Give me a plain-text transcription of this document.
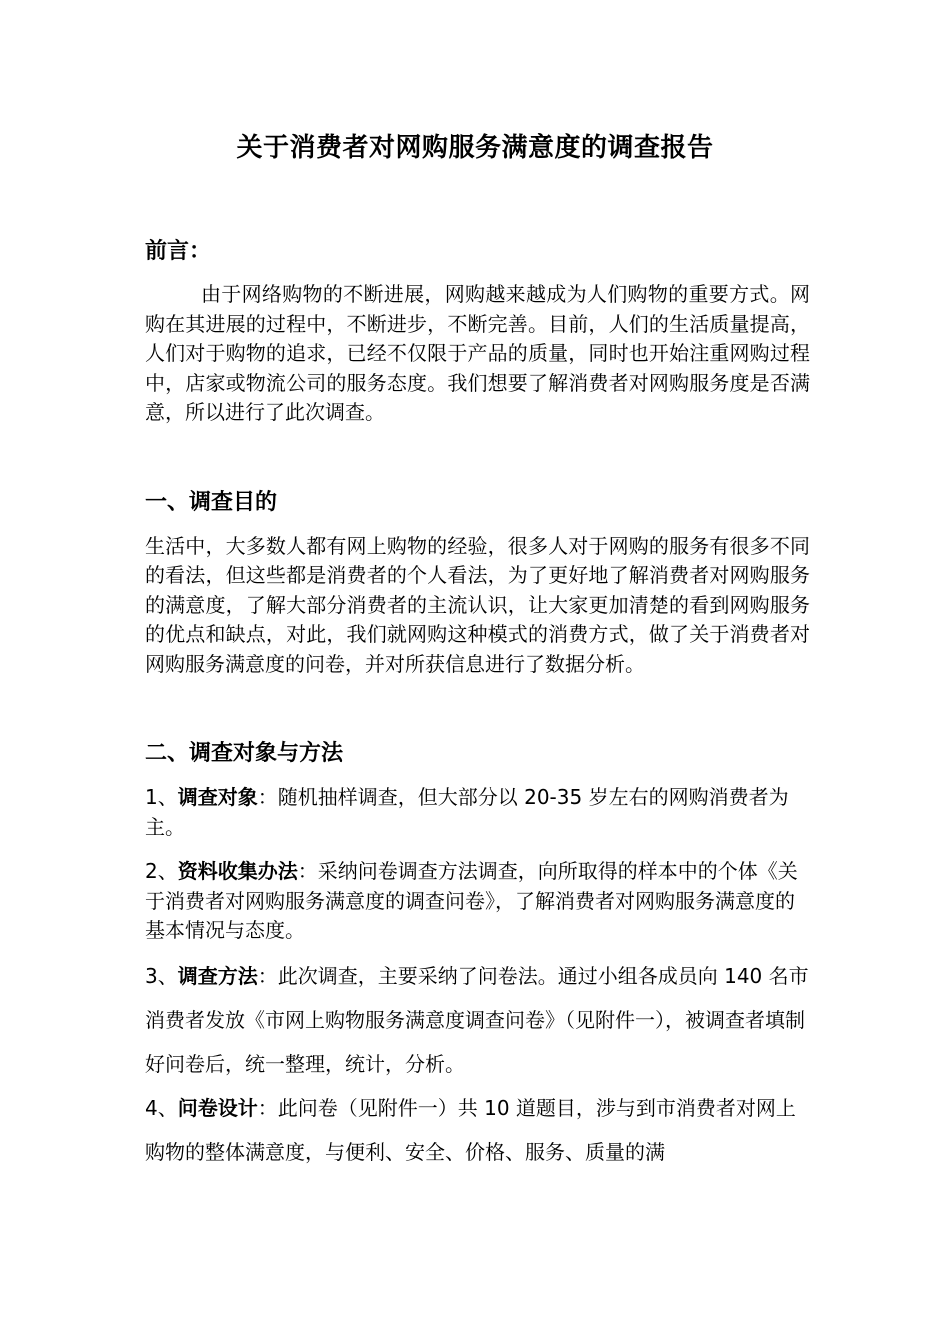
关于消费者对网购服务满意度的调查报告
前言：

由于网络购物的不断进展，网购越来越成为人们购物的重要方式。网购在其进展的过程中，不断进步，不断完善。目前，人们的生活质量提高，人们对于购物的追求，已经不仅限于产品的质量，同时也开始注重网购过程中，店家或物流公司的服务态度。我们想要了解消费者对网购服务度是否满意，所以进行了此次调查。

一、调查目的

生活中，大多数人都有网上购物的经验，很多人对于网购的服务有很多不同的看法，但这些都是消费者的个人看法，为了更好地了解消费者对网购服务的满意度，了解大部分消费者的主流认识，让大家更加清楚的看到网购服务的优点和缺点，对此，我们就网购这种模式的消费方式，做了关于消费者对网购服务满意度的问卷，并对所获信息进行了数据分析。

二、调查对象与方法

1、调查对象：随机抽样调查，但大部分以 20-35 岁左右的网购消费者为主。

2、资料收集办法：采纳问卷调查方法调查，向所取得的样本中的个体《关于消费者对网购服务满意度的调查问卷》，了解消费者对网购服务满意度的基本情况与态度。

3、调查方法：此次调查，主要采纳了问卷法。通过小组各成员向 140 名市消费者发放《市网上购物服务满意度调查问卷》（见附件一），被调查者填制好问卷后，统一整理，统计，分析。

4、问卷设计：此问卷（见附件一）共 10 道题目，涉与到市消费者对网上购物的整体满意度，与便利、安全、价格、服务、质量的满
